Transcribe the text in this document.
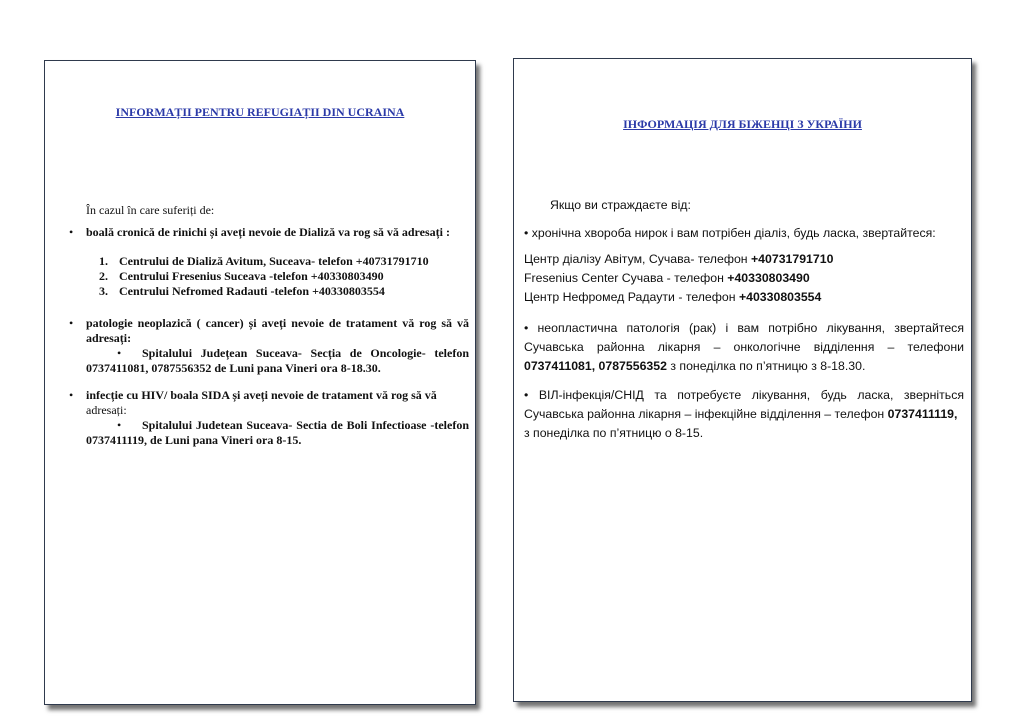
INFORMAȚII PENTRU REFUGIAȚII DIN UCRAINA
În cazul în care suferiți de:
• boală cronică de rinichi și aveți nevoie de Dializă va rog să vă adresați :
1. Centrului de Dializă Avitum, Suceava- telefon +40731791710
2. Centrului Fresenius Suceava -telefon +40330803490
3. Centrului Nefromed Radauti -telefon +40330803554
• patologie neoplazică ( cancer) și aveți nevoie de tratament vă rog să vă
adresați:
•	Spitalului Județean Suceava- Secția de Oncologie- telefon
0737411081, 0787556352 de Luni pana Vineri ora 8-18.30.
• infecție cu HIV/ boala SIDA și aveți nevoie de tratament vă rog să vă
adresați:
•	Spitalului Judetean Suceava- Sectia de Boli Infectioase -telefon
0737411119, de Luni pana Vineri ora 8-15.
ІНФОРМАЦІЯ ДЛЯ БІЖЕНЦІ З УКРАЇНИ
Якщо ви страждаєте від:
• хронічна хвороба нирок і вам потрібен діаліз, будь ласка, звертайтеся:
Центр діалізу Авітум, Сучава- телефон +40731791710
Fresenius Center Сучава - телефон +40330803490
Центр Нефромед Радаути - телефон +40330803554
• неопластична патологія (рак) і вам потрібно лікування, звертайтеся
Сучавська районна лікарня – онкологічне відділення – телефони
0737411081, 0787556352 з понеділка по п’ятницю з 8-18.30.
• ВІЛ-інфекція/СНІД та потребуєте лікування, будь ласка, зверніться
Сучавська районна лікарня – інфекційне відділення – телефон 0737411119,
з понеділка по п’ятницю о 8-15.
